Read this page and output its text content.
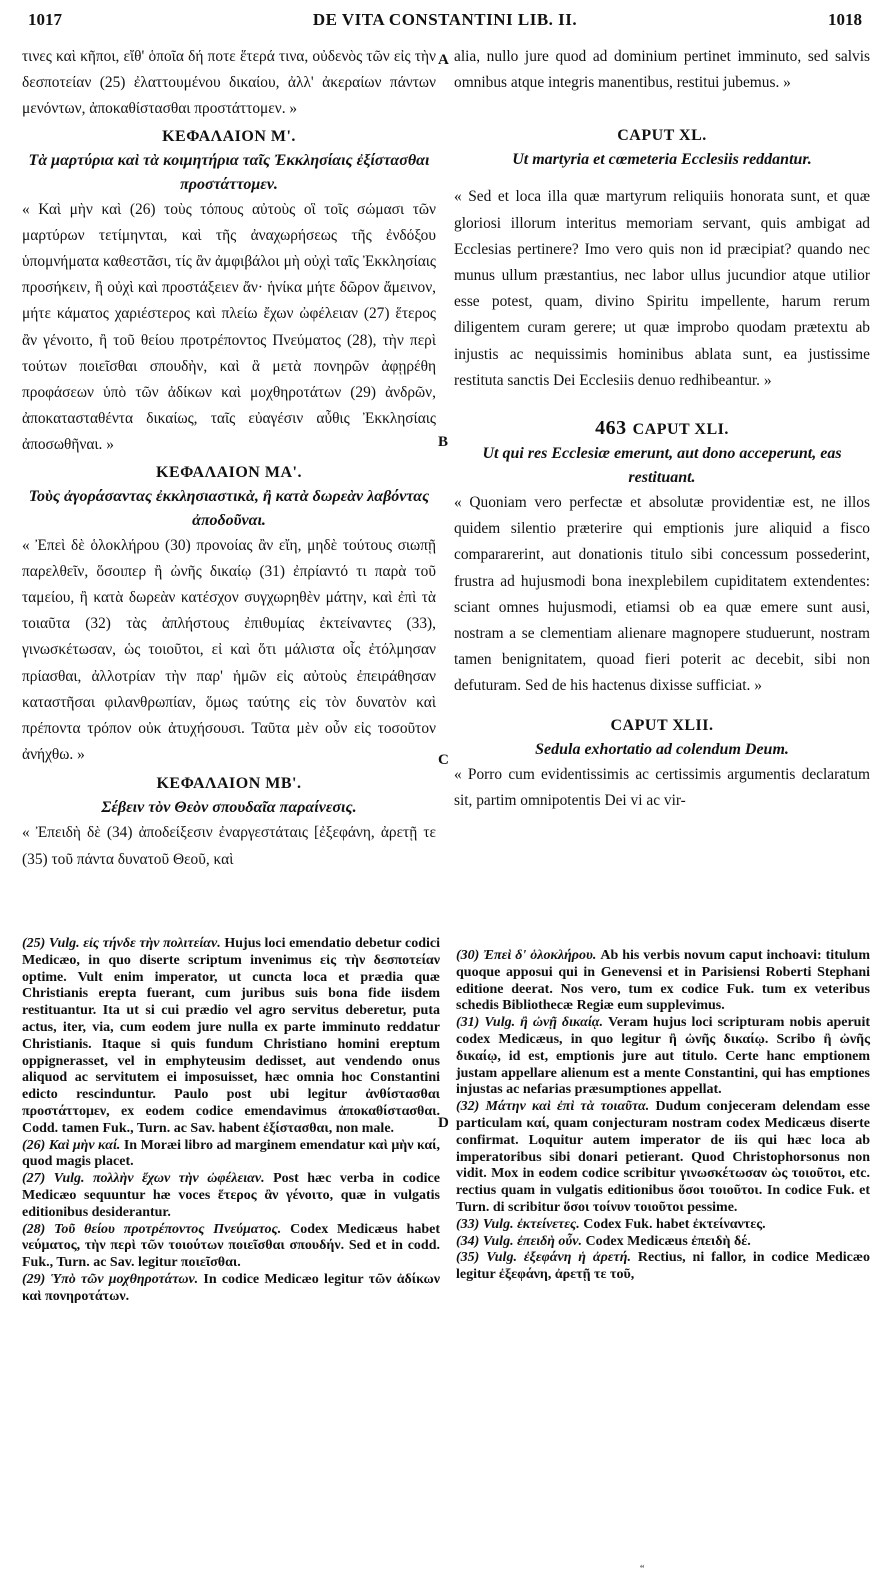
1017	DE VITA CONSTANTINI LIB. II.	1018

τινες καὶ κῆποι, εἴθ' ὁποῖα δή ποτε ἕτερά τινα, οὐδενὸς τῶν εἰς τὴν δεσποτείαν (25) ἐλαττουμένου δικαίου, ἀλλ' ἀκεραίων πάντων μενόντων, ἀποκαθίστασθαι προστάττομεν. »

ΚΕΦΑΛΑΙΟΝ Μ'.

Τὰ μαρτύρια καὶ τὰ κοιμητήρια ταῖς Ἐκκλησίαις ἐξίστασθαι προστάττομεν.

« Καὶ μὴν καὶ (26) τοὺς τόπους αὐτοὺς οἳ τοῖς σώμασι τῶν μαρτύρων τετίμηνται, καὶ τῆς ἀναχωρήσεως τῆς ἐνδόξου ὑπομνήματα καθεστᾶσι, τίς ἂν ἀμφιβάλοι μὴ οὐχὶ ταῖς Ἐκκλησίαις προσήκειν, ἢ οὐχὶ καὶ προστάξειεν ἄν· ἡνίκα μήτε δῶρον ἄμεινον, μήτε κάματος χαριέστερος καὶ πλείω ἔχων ὠφέλειαν (27) ἕτερος ἂν γένοιτο, ἢ τοῦ θείου προτρέποντος Πνεύματος (28), τὴν περὶ τούτων ποιεῖσθαι σπουδὴν, καὶ ἃ μετὰ πονηρῶν ἀφῃρέθη προφάσεων ὑπὸ τῶν ἀδίκων καὶ μοχθηροτάτων (29) ἀνδρῶν, ἀποκατασταθέντα δικαίως, ταῖς εὐαγέσιν αὖθις Ἐκκλησίαις ἀποσωθῆναι. »

ΚΕΦΑΛΑΙΟΝ ΜΑ'.

Τοὺς ἀγοράσαντας ἐκκλησιαστικὰ, ἢ κατὰ δωρεὰν λαβόντας ἀποδοῦναι.

« Ἐπεὶ δὲ ὁλοκλήρου (30) προνοίας ἂν εἴη, μηδὲ τούτους σιωπῇ παρελθεῖν, ὅσοιπερ ἢ ὠνῆς δικαίῳ (31) ἐπρίαντό τι παρὰ τοῦ ταμείου, ἢ κατὰ δωρεὰν κατέσχον συγχωρηθὲν μάτην, καὶ ἐπὶ τὰ τοιαῦτα (32) τὰς ἀπλήστους ἐπιθυμίας ἐκτείναντες (33), γινωσκέτωσαν, ὡς τοιοῦτοι, εἰ καὶ ὅτι μάλιστα οἷς ἐτόλμησαν πρίασθαι, ἀλλοτρίαν τὴν παρ' ἡμῶν εἰς αὐτοὺς ἐπειράθησαν καταστῆσαι φιλανθρωπίαν, ὅμως ταύτης εἰς τὸν δυνατὸν καὶ πρέποντα τρόπον οὐκ ἀτυχήσουσι. Ταῦτα μὲν οὖν εἰς τοσοῦτον ἀνήχθω. »

ΚΕΦΑΛΑΙΟΝ ΜΒ'.

Σέβειν τὸν Θεὸν σπουδαῖα παραίνεσις.

« Ἐπειδὴ δὲ (34) ἀποδείξεσιν ἐναργεστάταις [ἐξεφάνη, ἀρετῇ τε (35) τοῦ πάντα δυνατοῦ Θεοῦ, καὶ

A
B
C
D

alia, nullo jure quod ad dominium pertinet imminuto, sed salvis omnibus atque integris manentibus, restitui jubemus. »

CAPUT XL.

Ut martyria et cœmeteria Ecclesiis reddantur.

« Sed et loca illa quæ martyrum reliquiis honorata sunt, et quæ gloriosi illorum interitus memoriam servant, quis ambigat ad Ecclesias pertinere? Imo vero quis non id præcipiat? quando nec munus ullum præstantius, nec labor ullus jucundior atque utilior esse potest, quam, divino Spiritu impellente, harum rerum diligentem curam gerere; ut quæ improbo quodam prætextu ab injustis ac nequissimis hominibus ablata sunt, ea justissime restituta sanctis Dei Ecclesiis denuo redhibeantur. »

463 CAPUT XLI.

Ut qui res Ecclesiæ emerunt, aut dono acceperunt, eas restituant.

« Quoniam vero perfectæ et absolutæ providentiæ est, ne illos quidem silentio præterire qui emptionis jure aliquid a fisco compararerint, aut donationis titulo sibi concessum possederint, frustra ad hujusmodi bona inexplebilem cupiditatem extendentes: sciant omnes hujusmodi, etiamsi ob ea quæ emere sunt ausi, nostram a se clementiam alienare magnopere studuerunt, nostram tamen benignitatem, quoad fieri poterit ac decebit, sibi non defuturam. Sed de his hactenus dixisse sufficiat. »

CAPUT XLII.

Sedula exhortatio ad colendum Deum.

« Porro cum evidentissimis ac certissimis argumentis declaratum sit, partim omnipotentis Dei vi ac vir-

(25) Vulg. εἰς τήνδε τὴν πολιτείαν. Hujus loci emendatio debetur codici Medicæo, in quo diserte scriptum invenimus εἰς τὴν δεσποτείαν optime. Vult enim imperator, ut cuncta loca et prædia quæ Christianis erepta fuerant, cum juribus suis bona fide iisdem restituantur. Ita ut si cui prædio vel agro servitus deberetur, puta actus, iter, via, cum eodem jure nulla ex parte imminuto reddatur Christianis. Itaque si quis fundum Christiano homini ereptum oppignerasset, vel in emphyteusim dedisset, aut vendendo onus aliquod ac servitutem ei imposuisset, hæc omnia hoc Constantini edicto rescinduntur. Paulo post ubi legitur ἀνθίστασθαι προστάττομεν, ex eodem codice emendavimus ἀποκαθίστασθαι. Codd. tamen Fuk., Turn. ac Sav. habent ἐξίστασθαι, non male.

(26) Καὶ μὴν καί. In Moræi libro ad marginem emendatur καὶ μὴν καί, quod magis placet.

(27) Vulg. πολλὴν ἔχων τὴν ὠφέλειαν. Post hæc verba in codice Medicæo sequuntur hæ voces ἕτερος ἂν γένοιτο, quæ in vulgatis editionibus desiderantur.

(28) Τοῦ θείου προτρέποντος Πνεύματος. Codex Medicæus habet νεύματος, τὴν περὶ τῶν τοιούτων ποιεῖσθαι σπουδήν. Sed et in codd. Fuk., Turn. ac Sav. legitur ποιεῖσθαι.

(29) Ὑπὸ τῶν μοχθηροτάτων. In codice Medicæo legitur τῶν ἀδίκων καὶ πονηροτάτων.

(30) Ἐπεὶ δ' ὁλοκλήρου. Ab his verbis novum caput inchoavi: titulum quoque apposui qui in Genevensi et in Parisiensi Roberti Stephani editione deerat. Nos vero, tum ex codice Fuk. tum ex veteribus schedis Bibliothecæ Regiæ eum supplevimus.

(31) Vulg. ἢ ὠνῇ δικαίᾳ. Veram hujus loci scripturam nobis aperuit codex Medicæus, in quo legitur ἢ ὠνῆς δικαίῳ. Scribo ἢ ὠνῆς δικαίῳ, id est, emptionis jure aut titulo. Certe hanc emptionem justam appellare alienum est a mente Constantini, qui has emptiones injustas ac nefarias præsumptiones appellat.

(32) Μάτην καὶ ἐπὶ τὰ τοιαῦτα. Dudum conjeceram delendam esse particulam καί, quam conjecturam nostram codex Medicæus diserte confirmat. Loquitur autem imperator de iis qui hæc loca ab imperatoribus sibi donari petierant. Quod Christophorsonus non vidit. Mox in eodem codice scribitur γινωσκέτωσαν ὡς τοιοῦτοι, etc. rectius quam in vulgatis editionibus ὅσοι τοιοῦτοι. In codice Fuk. et Turn. di scribitur ὅσοι τοίνυν τοιοῦτοι pessime.

(33) Vulg. ἐκτείνετες. Codex Fuk. habet ἐκτείναντες.

(34) Vulg. ἐπειδὴ οὖν. Codex Medicæus ἐπειδὴ δέ.

(35) Vulg. ἐξεφάνη ἡ ἀρετή. Rectius, ni fallor, in codice Medicæo legitur ἐξεφάνη, ἀρετῇ τε τοῦ,

“
